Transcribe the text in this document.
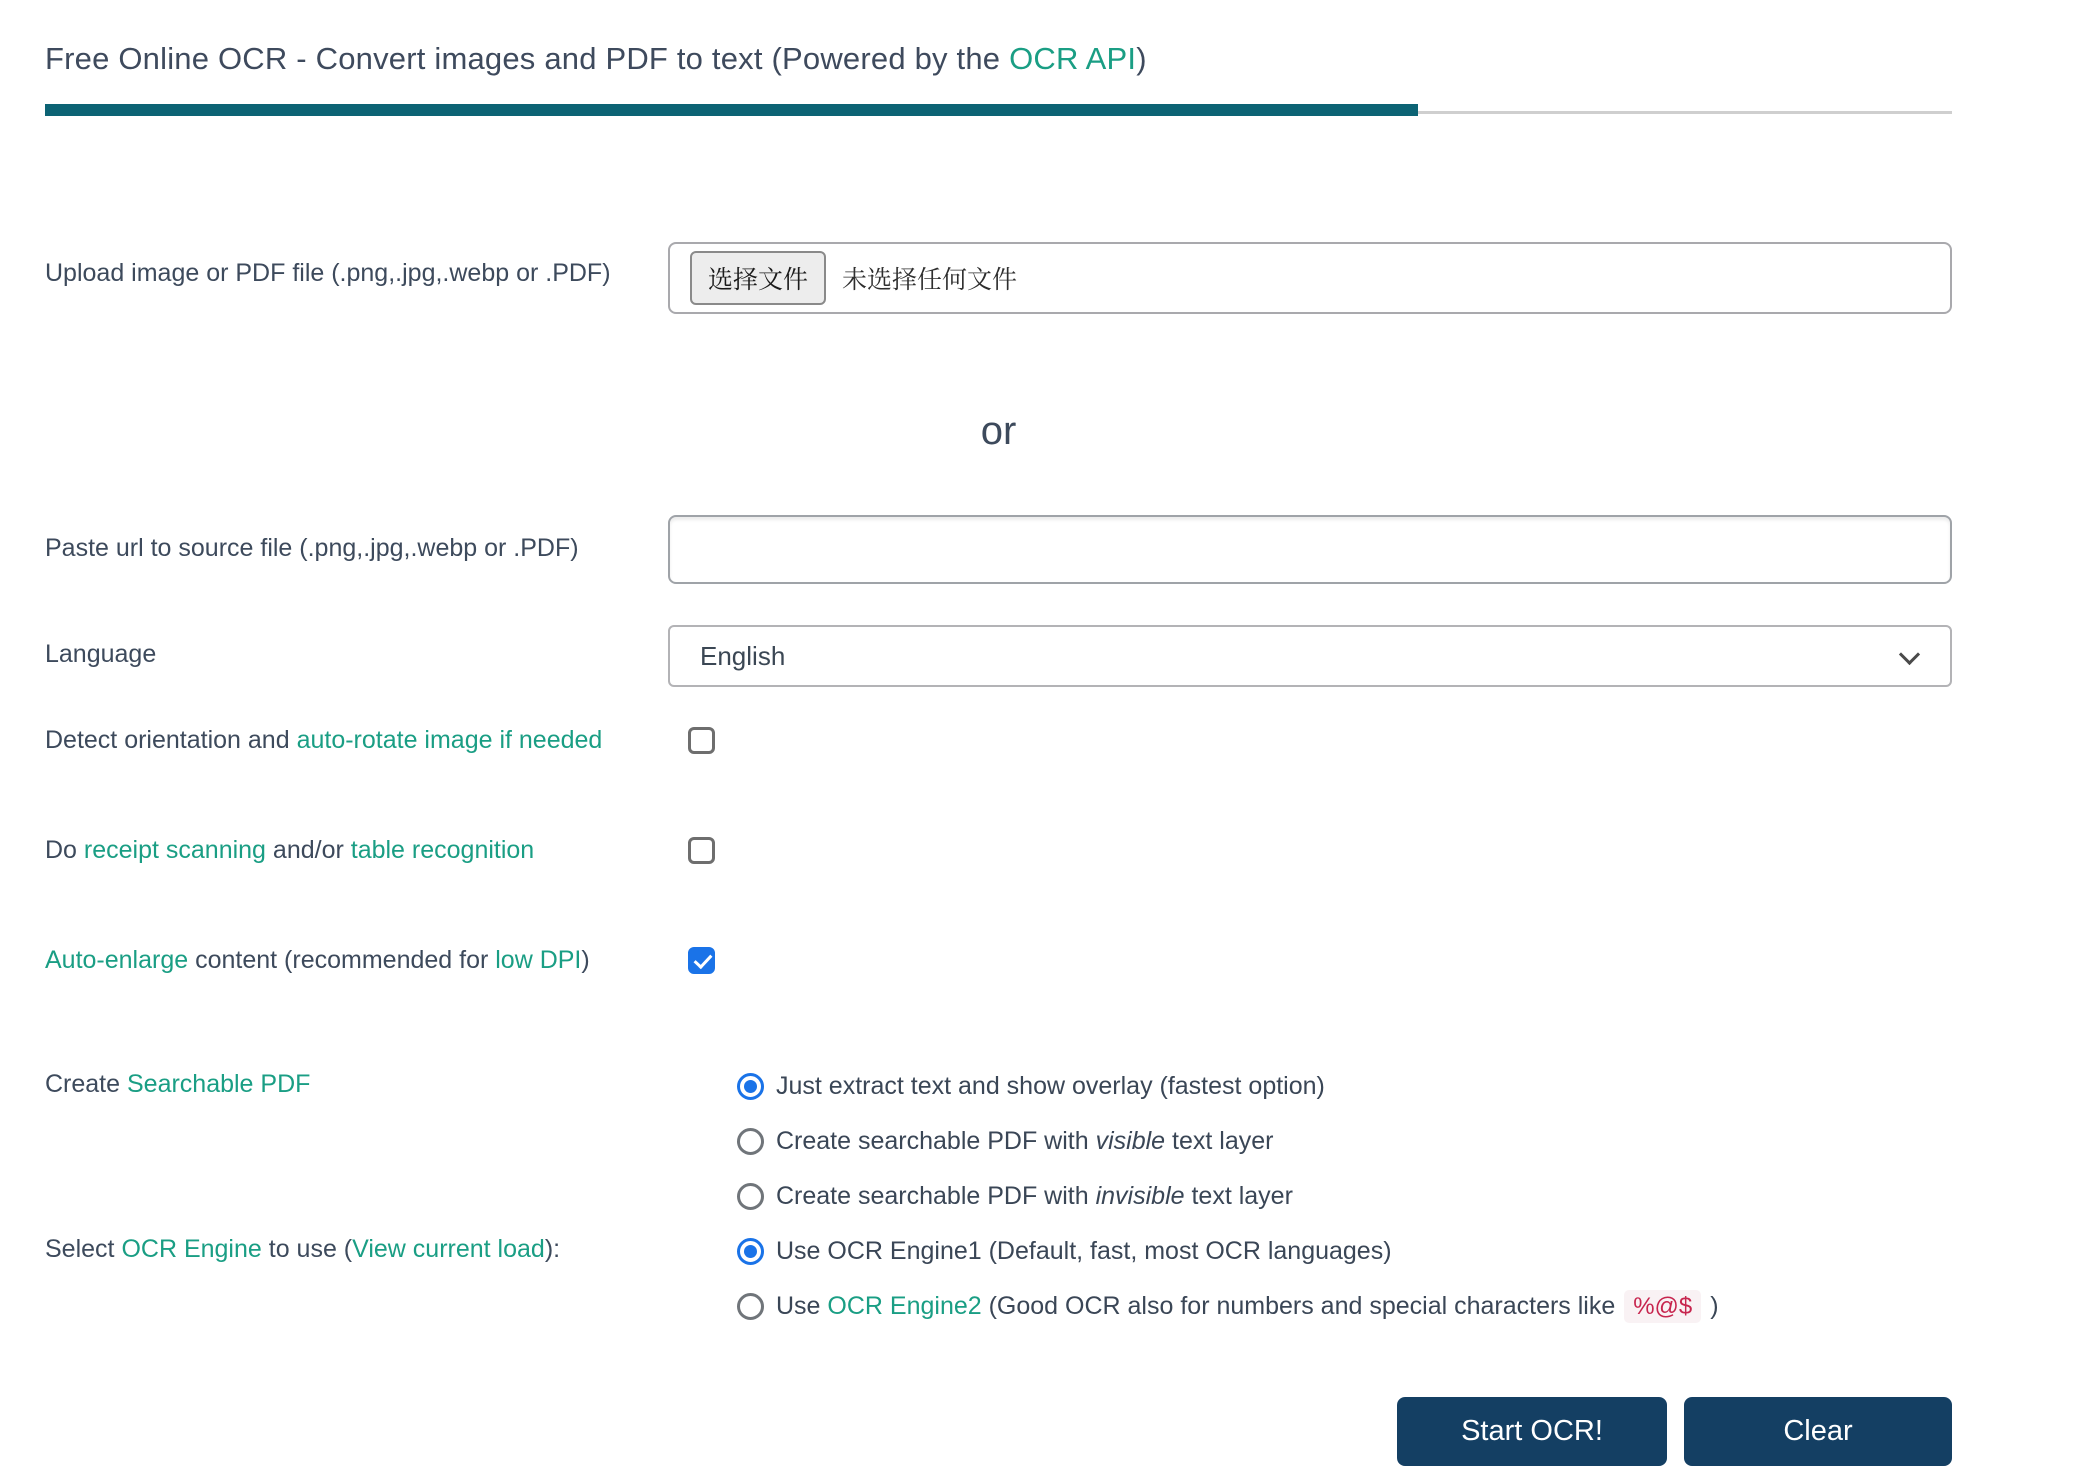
Free Online OCR - Convert images and PDF to text (Powered by the OCR API)
Upload image or PDF file (.png,.jpg,.webp or .PDF)	选择文件	未选择任何文件
or
Paste url to source file (.png,.jpg,.webp or .PDF)
Language
English
Detect orientation and auto-rotate image if needed
Do receipt scanning and/or table recognition
Auto-enlarge content (recommended for low DPI)
Create Searchable PDF	Just extract text and show overlay (fastest option)
Create searchable PDF with visible text layer
Create searchable PDF with invisible text layer
Select OCR Engine to use (View current load):	Use OCR Engine1 (Default, fast, most OCR languages)
Use OCR Engine2 (Good OCR also for numbers and special characters like %@$ )
Start OCR!	Clear
